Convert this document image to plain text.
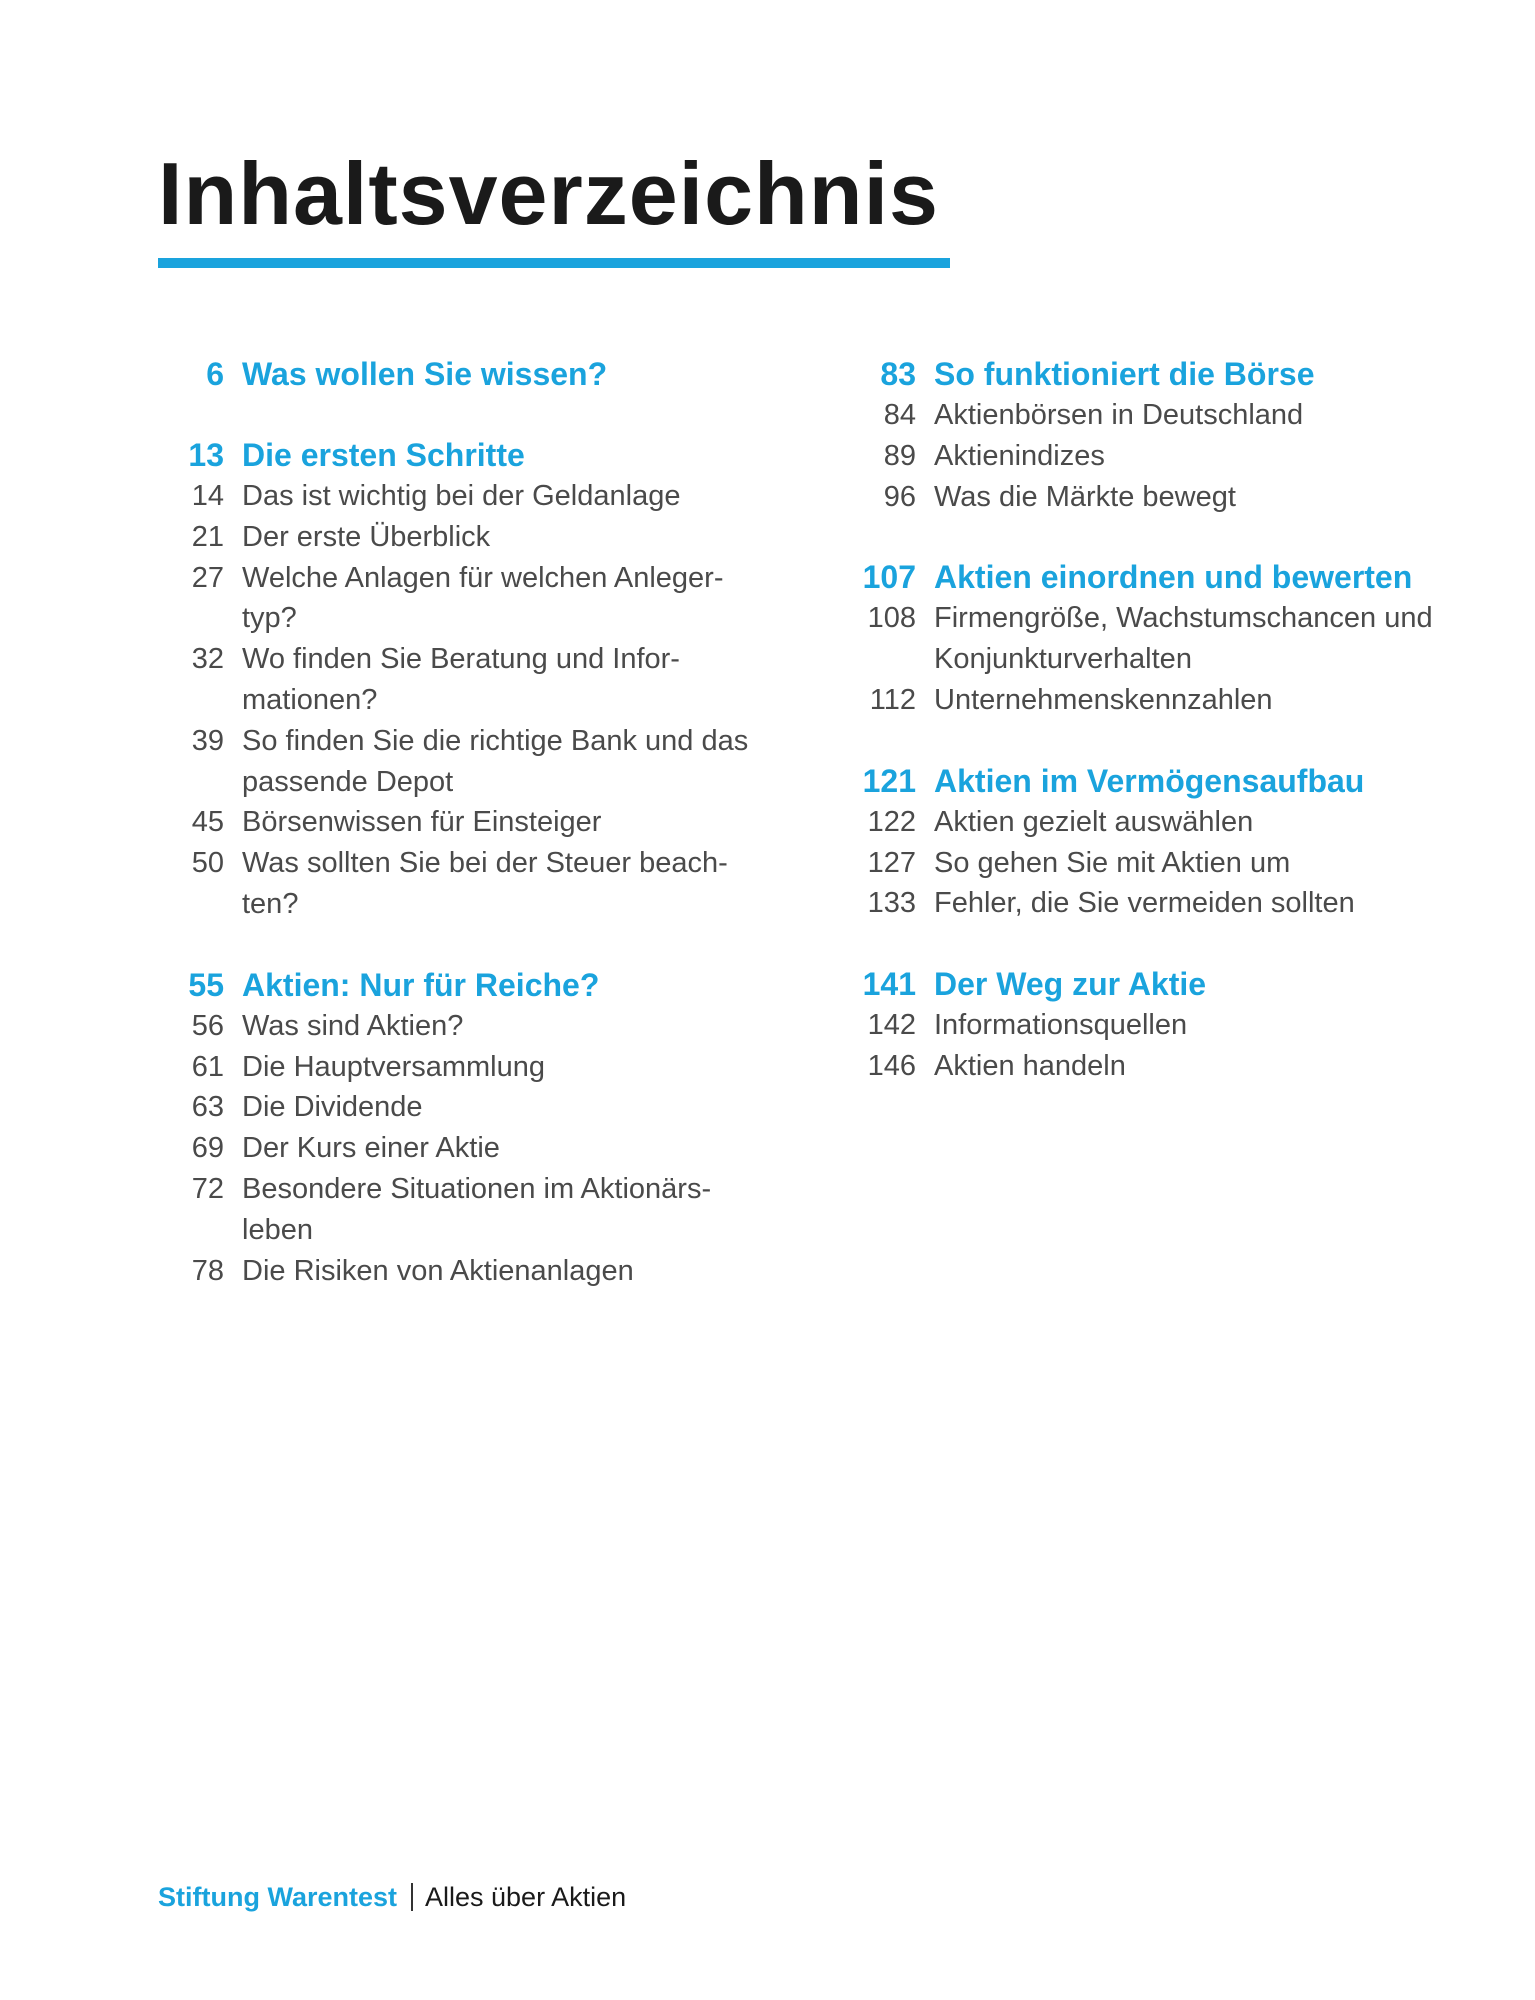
Inhaltsverzeichnis
6 Was wollen Sie wissen?
13 Die ersten Schritte
14 Das ist wichtig bei der Geldanlage
21 Der erste Überblick
27 Welche Anlagen für welchen Anleger-
typ?
32 Wo finden Sie Beratung und Infor-
mationen?
39 So finden Sie die richtige Bank und das
passende Depot
45 Börsenwissen für Einsteiger
50 Was sollten Sie bei der Steuer beach-
ten?
55 Aktien: Nur für Reiche?
56 Was sind Aktien?
61 Die Hauptversammlung
63 Die Dividende
69 Der Kurs einer Aktie
72 Besondere Situationen im Aktionärs-
leben
78 Die Risiken von Aktienanlagen
83 So funktioniert die Börse
84 Aktienbörsen in Deutschland
89 Aktienindizes
96 Was die Märkte bewegt
107 Aktien einordnen und bewerten
108 Firmengröße, Wachstumschancen und
Konjunkturverhalten
112 Unternehmenskennzahlen
121 Aktien im Vermögensaufbau
122 Aktien gezielt auswählen
127 So gehen Sie mit Aktien um
133 Fehler, die Sie vermeiden sollten
141 Der Weg zur Aktie
142 Informationsquellen
146 Aktien handeln
Stiftung Warentest Alles über Aktien
